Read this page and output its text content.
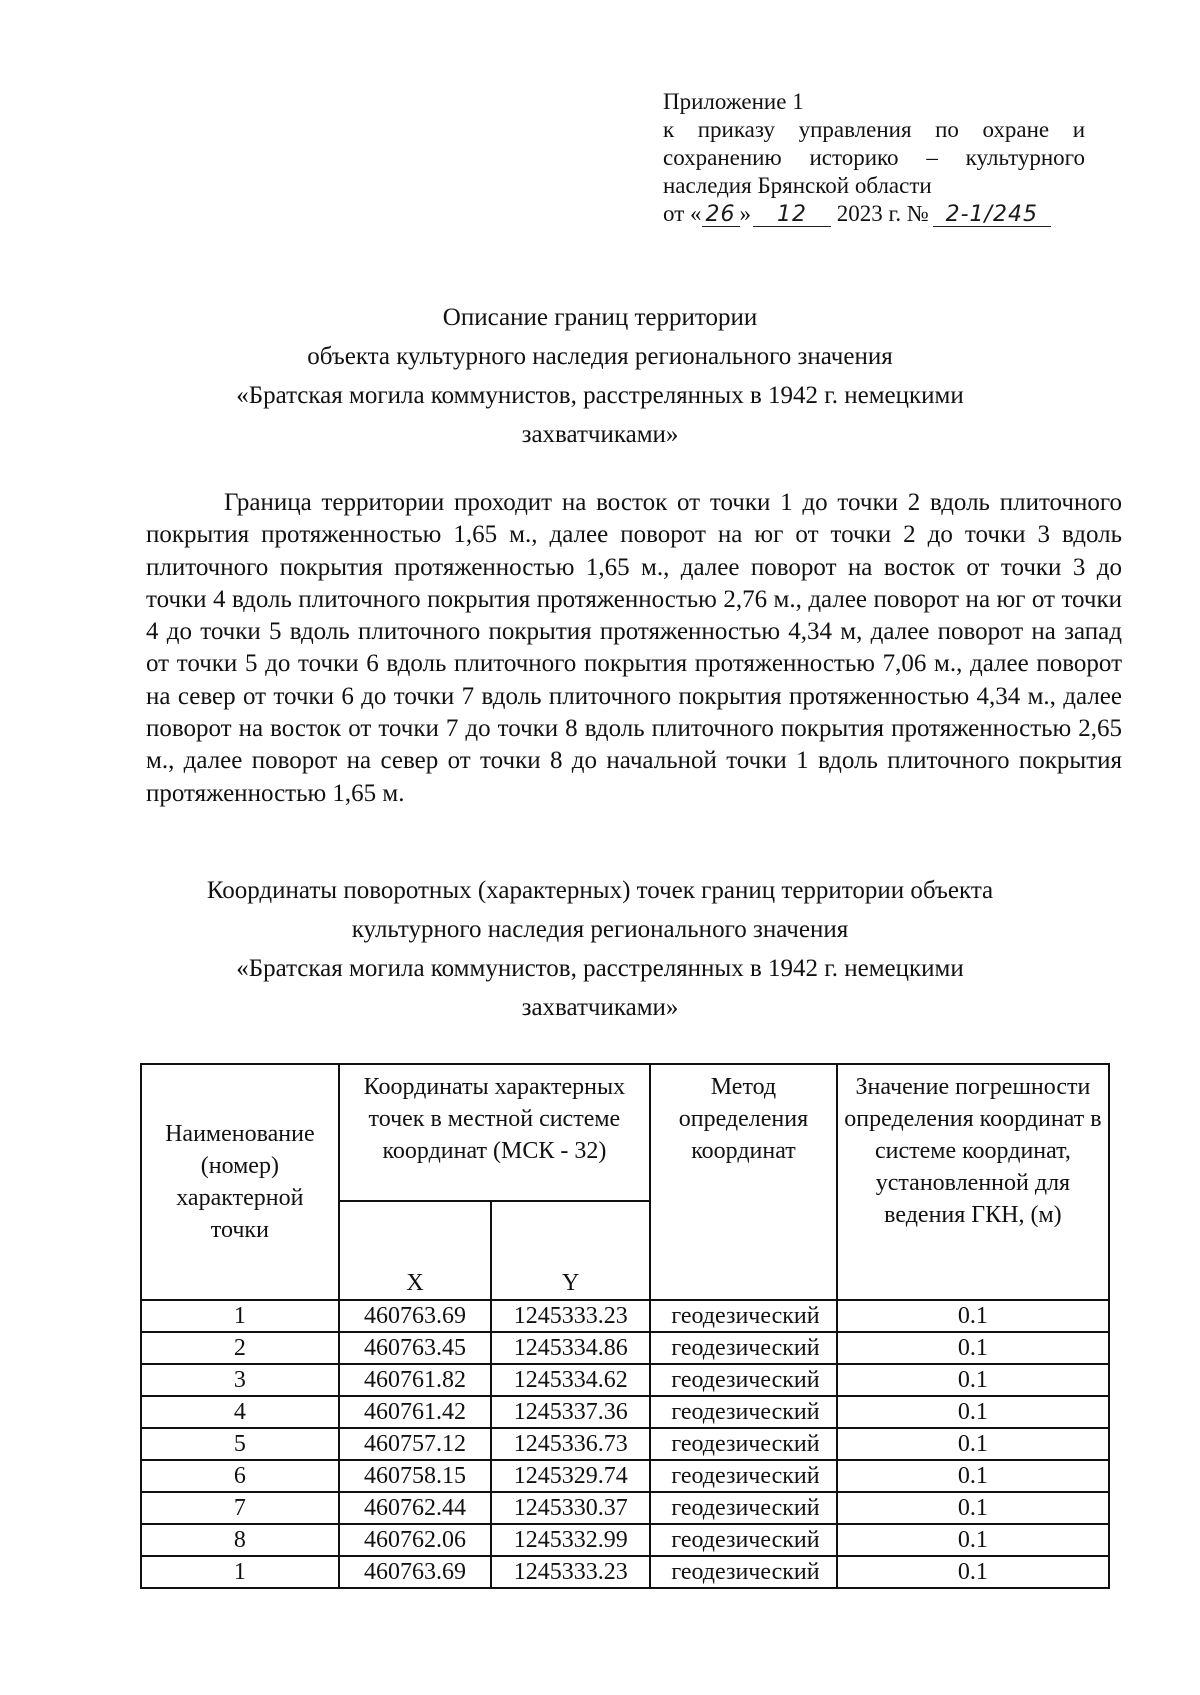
Приложение 1
к приказу управления по охране и
сохранению историко – культурного
наследия Брянской области
от « 26 » 12 2023 г. № 2-1/245
Описание границ территории
объекта культурного наследия регионального значения
«Братская могила коммунистов, расстрелянных в 1942 г. немецкими
захватчиками»

Граница территории проходит на восток от точки 1 до точки 2 вдоль плиточного покрытия протяженностью 1,65 м., далее поворот на юг от точки 2 до точки 3 вдоль плиточного покрытия протяженностью 1,65 м., далее поворот на восток от точки 3 до точки 4 вдоль плиточного покрытия протяженностью 2,76 м., далее поворот на юг от точки 4 до точки 5 вдоль плиточного покрытия протяженностью 4,34 м, далее поворот на запад от точки 5 до точки 6 вдоль плиточного покрытия протяженностью 7,06 м., далее поворот на север от точки 6 до точки 7 вдоль плиточного покрытия протяженностью 4,34 м., далее поворот на восток от точки 7 до точки 8 вдоль плиточного покрытия протяженностью 2,65 м., далее поворот на север от точки 8 до начальной точки 1 вдоль плиточного покрытия протяженностью 1,65 м.

Координаты поворотных (характерных) точек границ территории объекта
культурного наследия регионального значения
«Братская могила коммунистов, расстрелянных в 1942 г. немецкими
захватчиками»
Наименование (номер) характерной точки	Координаты характерных точек в местной системе координат (МСК - 32)		Метод определения координат	Значение погрешности определения координат в системе координат, установленной для ведения ГКН, (м)
	X	Y		
1	460763.69	1245333.23	геодезический	0.1
2	460763.45	1245334.86	геодезический	0.1
3	460761.82	1245334.62	геодезический	0.1
4	460761.42	1245337.36	геодезический	0.1
5	460757.12	1245336.73	геодезический	0.1
6	460758.15	1245329.74	геодезический	0.1
7	460762.44	1245330.37	геодезический	0.1
8	460762.06	1245332.99	геодезический	0.1
1	460763.69	1245333.23	геодезический	0.1
